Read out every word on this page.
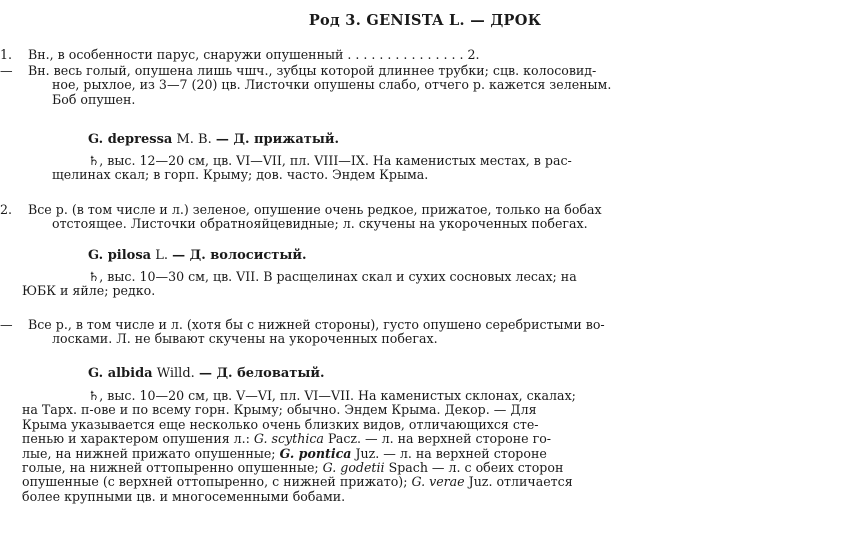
Род 3. GENISTA L. — ДРОК
1.	Вн., в особенности парус, снаружи опушенный . . . . . . . . . . . . . . . 2.
—	Вн. весь голый, опушена лишь чшч., зубцы которой длиннее трубки; сцв. колосовид-
ное, рыхлое, из 3—7 (20) цв. Листочки опушены слабо, отчего р. кажется зеленым.
Боб опушен.
G. depressa M. B. — Д. прижатый.
♄, выс. 12—20 см, цв. VI—VII, пл. VIII—IX. На каменистых местах, в рас-
щелинах скал; в горп. Крыму; дов. часто. Эндем Крыма.
2.	Все р. (в том числе и л.) зеленое, опушение очень редкое, прижатое, только на бобах
отстоящее. Листочки обратнояйцевидные; л. скучены на укороченных побегах.
G. pilosa L. — Д. волосистый.
♄, выс. 10—30 см, цв. VII. В расщелинах скал и сухих сосновых лесах; на
ЮБК и яйле; редко.
—	Все р., в том числе и л. (хотя бы с нижней стороны), густо опушено серебристыми во-
лосками. Л. не бывают скучены на укороченных побегах.
G. albida Willd. — Д. беловатый.
♄, выс. 10—20 см, цв. V—VI, пл. VI—VII. На каменистых склонах, скалах;
на Тарх. п-ове и по всему горн. Крыму; обычно. Эндем Крыма. Декор. — Для
Крыма указывается еще несколько очень близких видов, отличающихся сте-
пенью и характером опушения л.: G. scythica Pacz. — л. на верхней стороне го-
лые, на нижней прижато опушенные; G. pontica Juz. — л. на верхней стороне
голые, на нижней оттопыренно опушенные; G. godetii Spach — л. с обеих сторон
опушенные (с верхней оттопыренно, с нижней прижато); G. verae Juz. отличается
более крупными цв. и многосеменными бобами.
